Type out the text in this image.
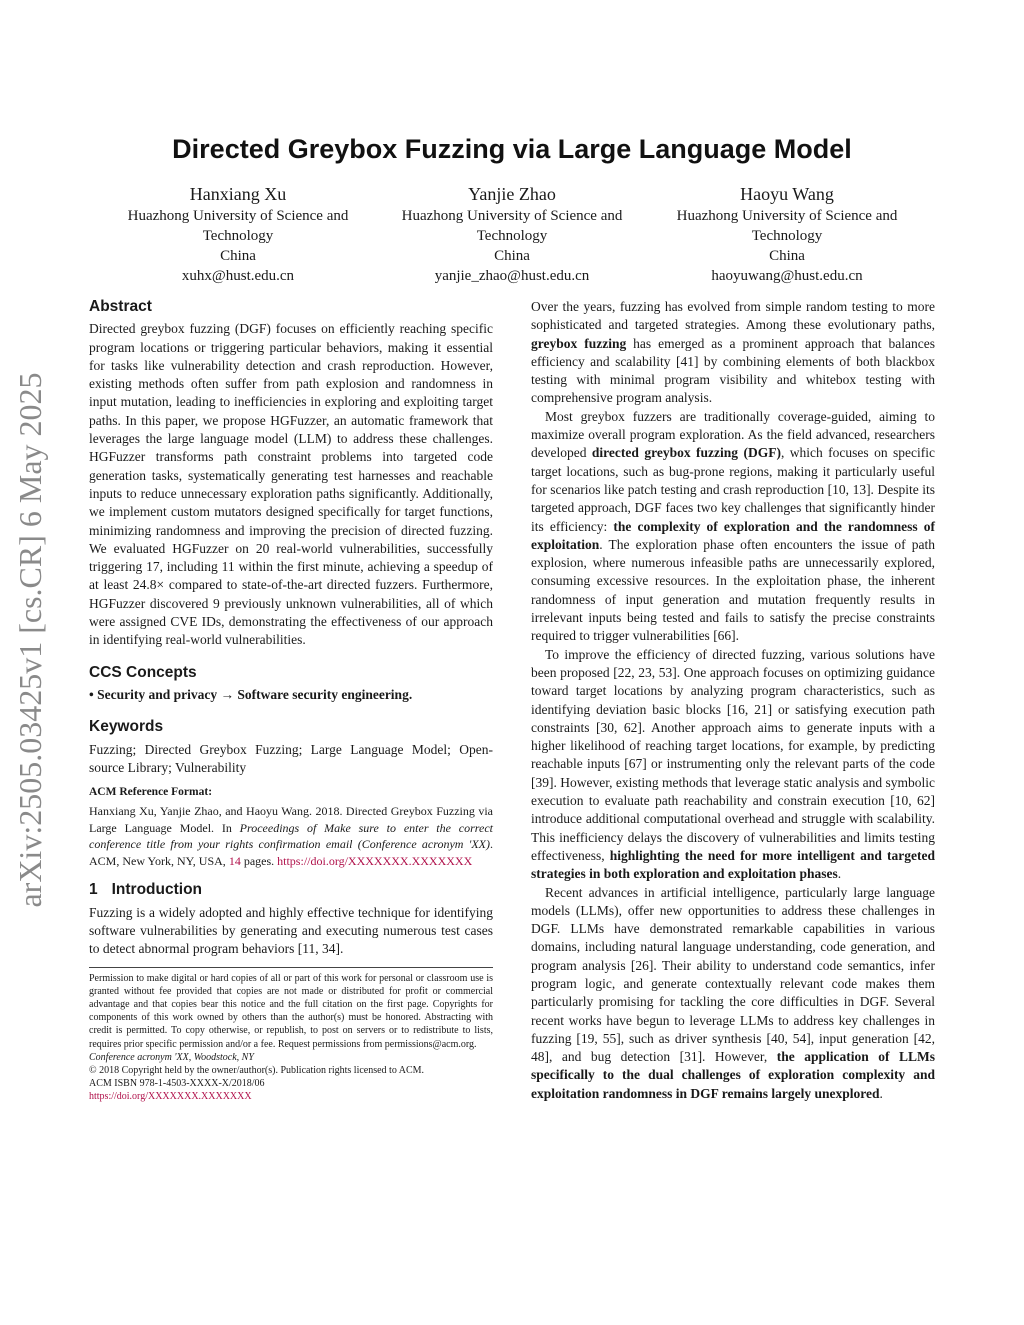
arXiv:2505.03425v1 [cs.CR] 6 May 2025
Directed Greybox Fuzzing via Large Language Model
Hanxiang Xu
Huazhong University of Science and
Technology
China
xuhx@hust.edu.cn
Yanjie Zhao
Huazhong University of Science and
Technology
China
yanjie_zhao@hust.edu.cn
Haoyu Wang
Huazhong University of Science and
Technology
China
haoyuwang@hust.edu.cn
Abstract

Directed greybox fuzzing (DGF) focuses on efficiently reaching specific program locations or triggering particular behaviors, making it essential for tasks like vulnerability detection and crash reproduction. However, existing methods often suffer from path explosion and randomness in input mutation, leading to inefficiencies in exploring and exploiting target paths. In this paper, we propose HGFuzzer, an automatic framework that leverages the large language model (LLM) to address these challenges. HGFuzzer transforms path constraint problems into targeted code generation tasks, systematically generating test harnesses and reachable inputs to reduce unnecessary exploration paths significantly. Additionally, we implement custom mutators designed specifically for target functions, minimizing randomness and improving the precision of directed fuzzing. We evaluated HGFuzzer on 20 real-world vulnerabilities, successfully triggering 17, including 11 within the first minute, achieving a speedup of at least 24.8× compared to state-of-the-art directed fuzzers. Furthermore, HGFuzzer discovered 9 previously unknown vulnerabilities, all of which were assigned CVE IDs, demonstrating the effectiveness of our approach in identifying real-world vulnerabilities.

CCS Concepts

• Security and privacy → Software security engineering.

Keywords

Fuzzing; Directed Greybox Fuzzing; Large Language Model; Open-source Library; Vulnerability

ACM Reference Format:

Hanxiang Xu, Yanjie Zhao, and Haoyu Wang. 2018. Directed Greybox Fuzzing via Large Language Model. In Proceedings of Make sure to enter the correct conference title from your rights confirmation email (Conference acronym 'XX). ACM, New York, NY, USA, 14 pages. https://doi.org/XXXXXXX.XXXXXXX

1 Introduction

Fuzzing is a widely adopted and highly effective technique for identifying software vulnerabilities by generating and executing numerous test cases to detect abnormal program behaviors [11, 34].

Permission to make digital or hard copies of all or part of this work for personal or classroom use is granted without fee provided that copies are not made or distributed for profit or commercial advantage and that copies bear this notice and the full citation on the first page. Copyrights for components of this work owned by others than the author(s) must be honored. Abstracting with credit is permitted. To copy otherwise, or republish, to post on servers or to redistribute to lists, requires prior specific permission and/or a fee. Request permissions from permissions@acm.org.

Conference acronym 'XX, Woodstock, NY

© 2018 Copyright held by the owner/author(s). Publication rights licensed to ACM.

ACM ISBN 978-1-4503-XXXX-X/2018/06

https://doi.org/XXXXXXX.XXXXXXX

Over the years, fuzzing has evolved from simple random testing to more sophisticated and targeted strategies. Among these evolutionary paths, greybox fuzzing has emerged as a prominent approach that balances efficiency and scalability [41] by combining elements of both blackbox testing with minimal program visibility and whitebox testing with comprehensive program analysis.

Most greybox fuzzers are traditionally coverage-guided, aiming to maximize overall program exploration. As the field advanced, researchers developed directed greybox fuzzing (DGF), which focuses on specific target locations, such as bug-prone regions, making it particularly useful for scenarios like patch testing and crash reproduction [10, 13]. Despite its targeted approach, DGF faces two key challenges that significantly hinder its efficiency: the complexity of exploration and the randomness of exploitation. The exploration phase often encounters the issue of path explosion, where numerous infeasible paths are unnecessarily explored, consuming excessive resources. In the exploitation phase, the inherent randomness of input generation and mutation frequently results in irrelevant inputs being tested and fails to satisfy the precise constraints required to trigger vulnerabilities [66].

To improve the efficiency of directed fuzzing, various solutions have been proposed [22, 23, 53]. One approach focuses on optimizing guidance toward target locations by analyzing program characteristics, such as identifying deviation basic blocks [16, 21] or satisfying execution path constraints [30, 62]. Another approach aims to generate inputs with a higher likelihood of reaching target locations, for example, by predicting reachable inputs [67] or instrumenting only the relevant parts of the code [39]. However, existing methods that leverage static analysis and symbolic execution to evaluate path reachability and constrain execution [10, 62] introduce additional computational overhead and struggle with scalability. This inefficiency delays the discovery of vulnerabilities and limits testing effectiveness, highlighting the need for more intelligent and targeted strategies in both exploration and exploitation phases.

Recent advances in artificial intelligence, particularly large language models (LLMs), offer new opportunities to address these challenges in DGF. LLMs have demonstrated remarkable capabilities in various domains, including natural language understanding, code generation, and program analysis [26]. Their ability to understand code semantics, infer program logic, and generate contextually relevant code makes them particularly promising for tackling the core difficulties in DGF. Several recent works have begun to leverage LLMs to address key challenges in fuzzing [19, 55], such as driver synthesis [40, 54], input generation [42, 48], and bug detection [31]. However, the application of LLMs specifically to the dual challenges of exploration complexity and exploitation randomness in DGF remains largely unexplored.
